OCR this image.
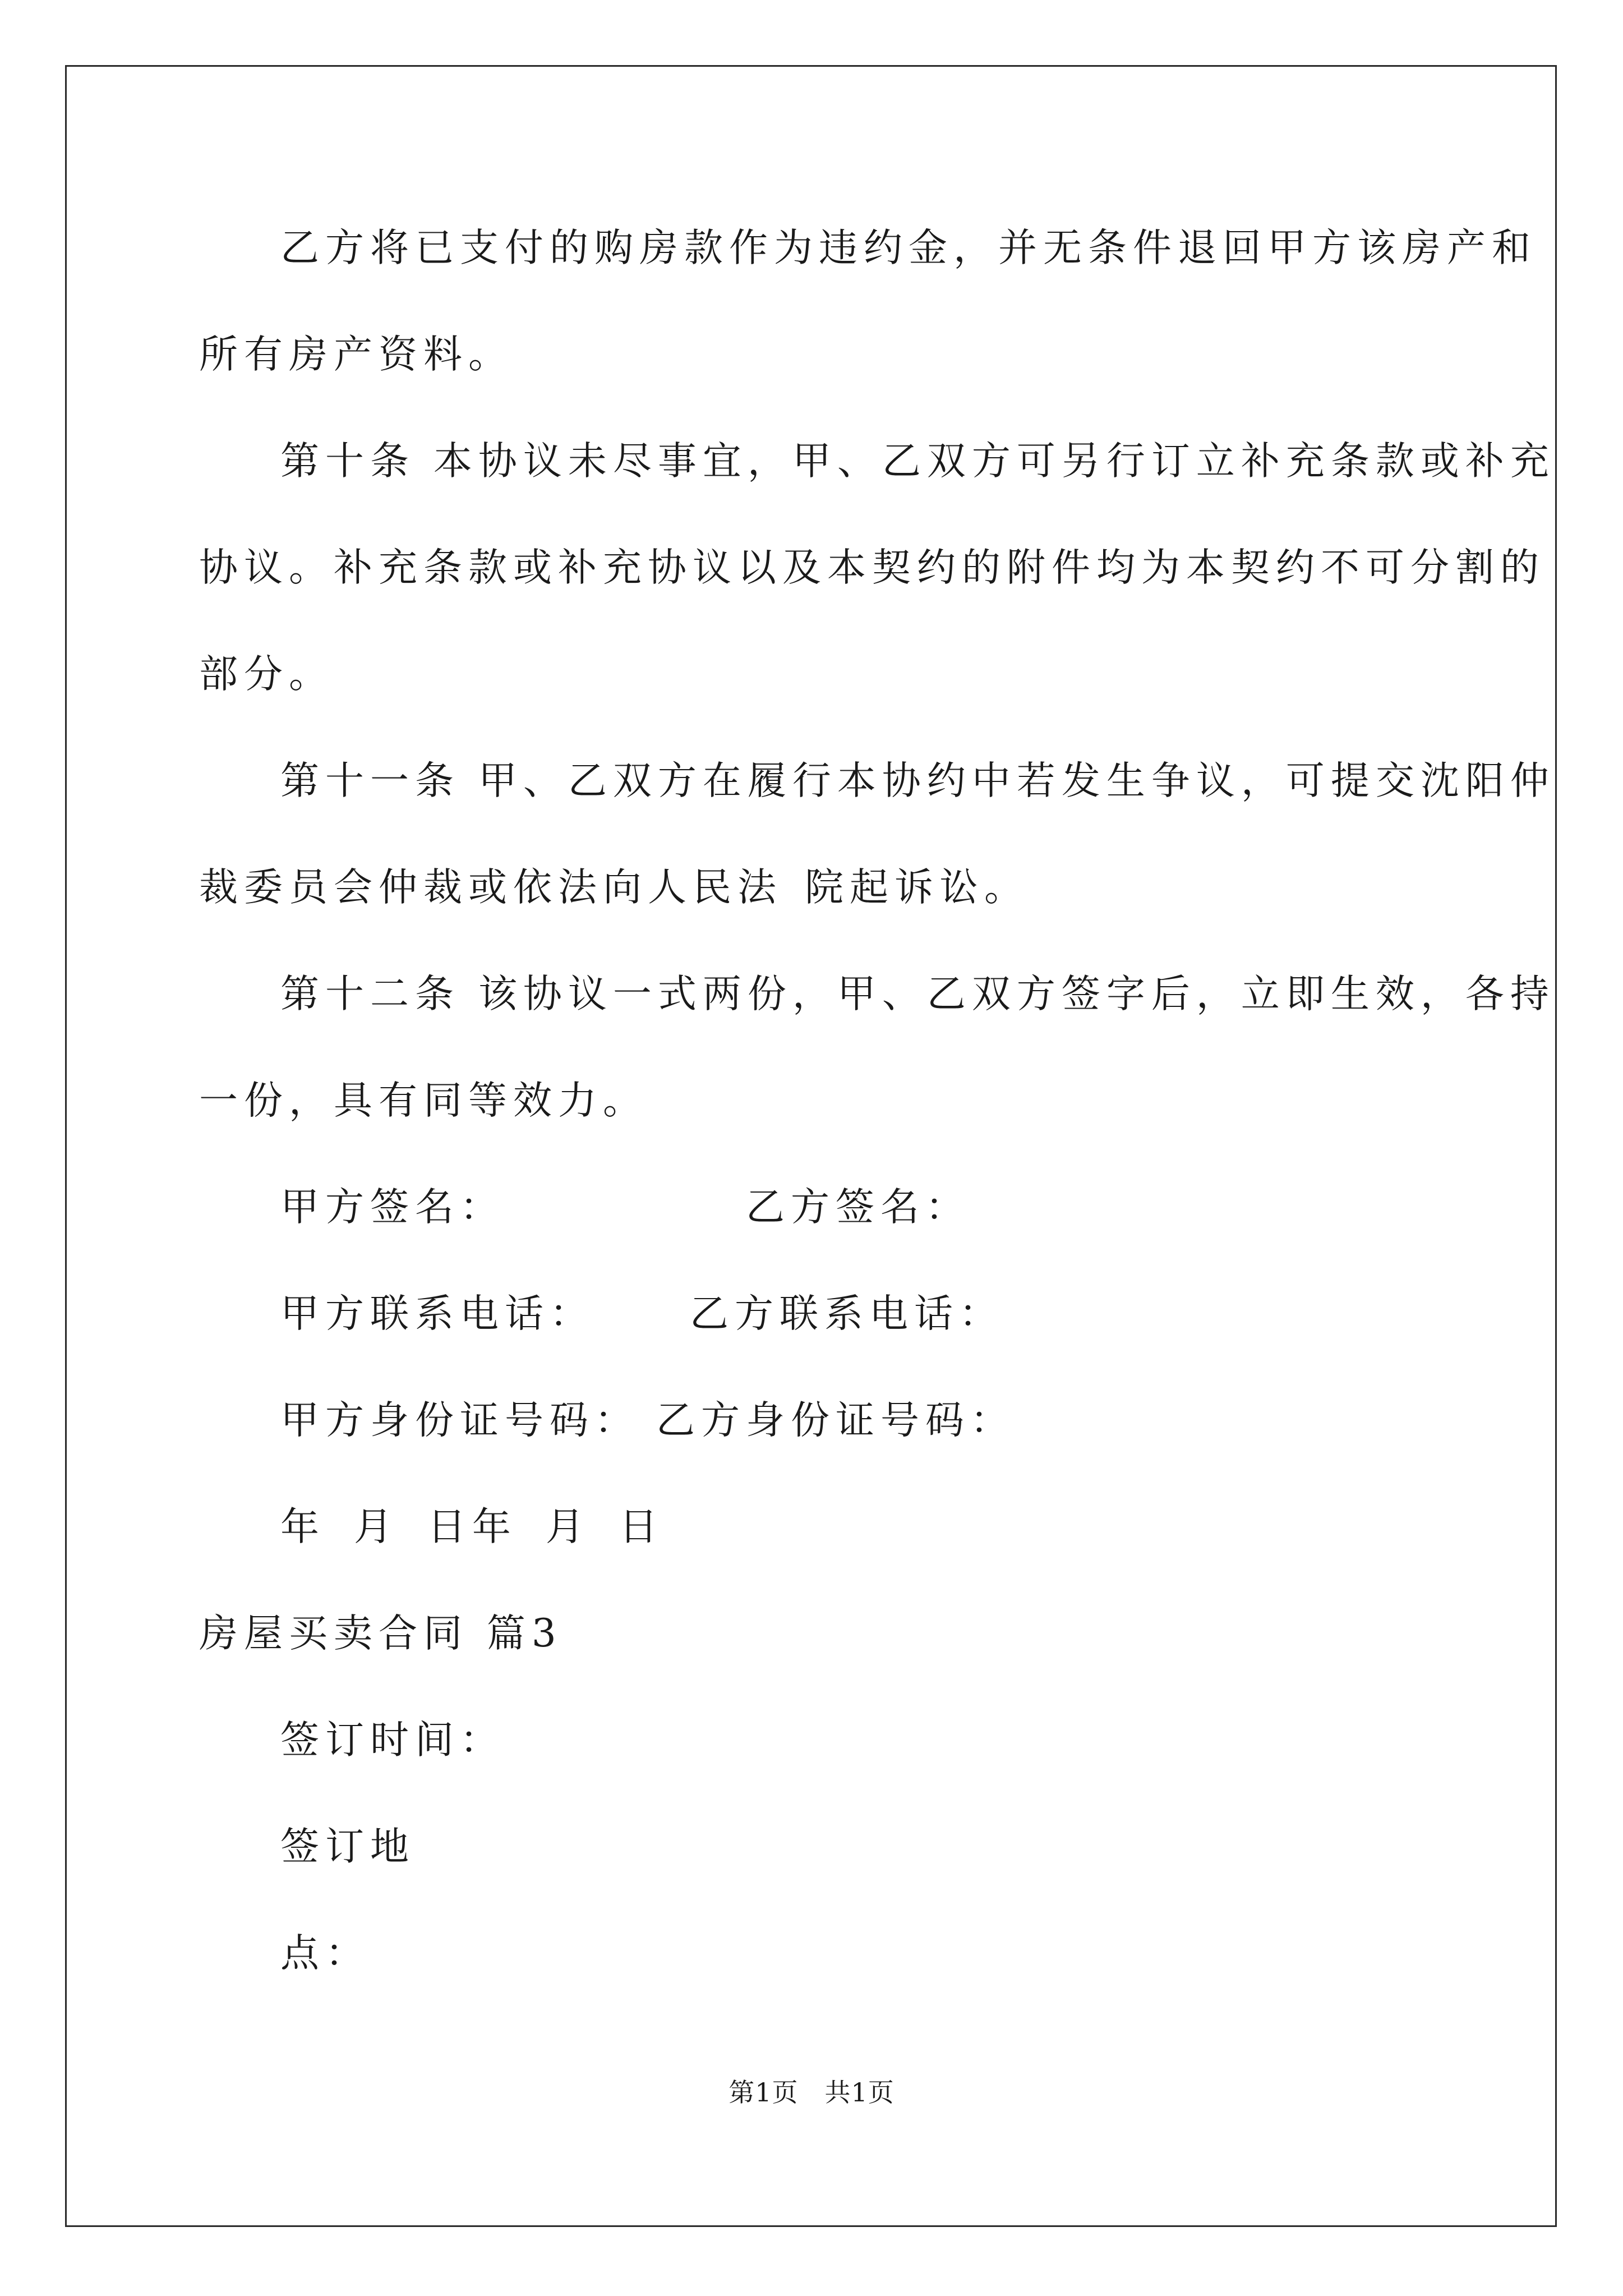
乙方将已支付的购房款作为违约金，并无条件退回甲方该房产和
所有房产资料。
第十条 本协议未尽事宜，甲、乙双方可另行订立补充条款或补充
协议。补充条款或补充协议以及本契约的附件均为本契约不可分割的
部分。
第十一条 甲、乙双方在履行本协约中若发生争议，可提交沈阳仲
裁委员会仲裁或依法向人民法 院起诉讼。
第十二条 该协议一式两份，甲、乙双方签字后，立即生效，各持
一份，具有同等效力。
甲方签名：	乙方签名：
甲方联系电话： 乙方联系电话：
甲方身份证号码： 乙方身份证号码：
年 月 日年 月 日
房屋买卖合同 篇3
签订时间：
签订地
点：
第1页　共1页
